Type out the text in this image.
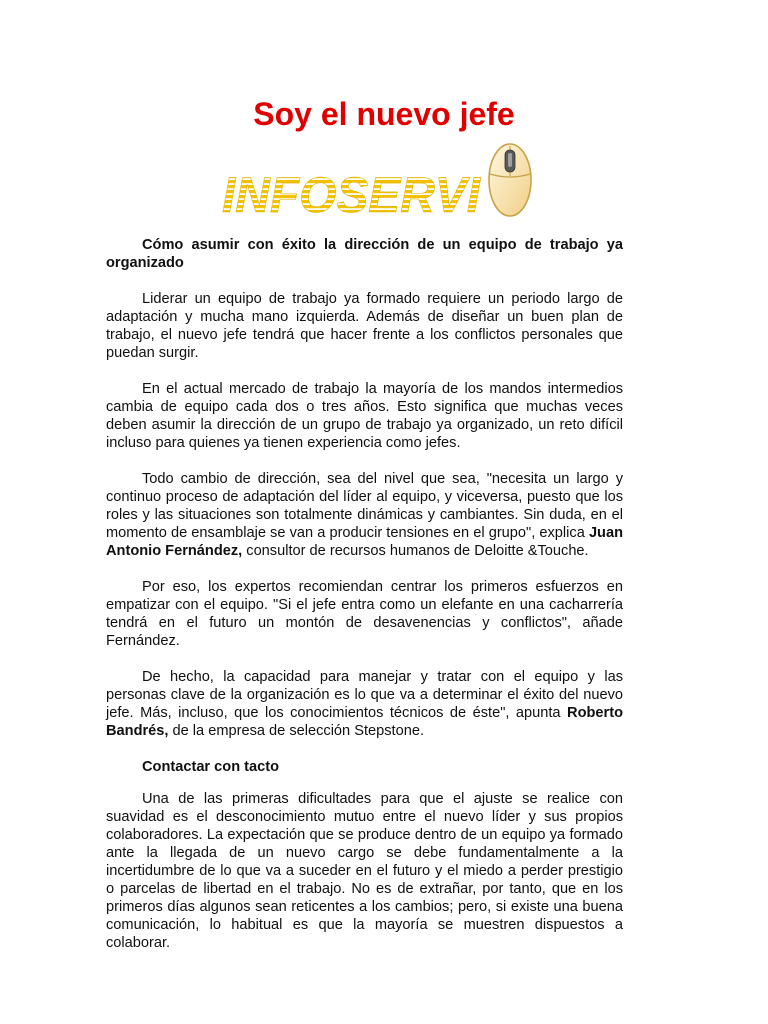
Soy el nuevo jefe
INFOSERVI

Cómo asumir con éxito la dirección de un equipo de trabajo ya organizado

Liderar un equipo de trabajo ya formado requiere un periodo largo de adaptación y mucha mano izquierda. Además de diseñar un buen plan de trabajo, el nuevo jefe tendrá que hacer frente a los conflictos personales que puedan surgir.

En el actual mercado de trabajo la mayoría de los mandos intermedios cambia de equipo cada dos o tres años. Esto significa que muchas veces deben asumir la dirección de un grupo de trabajo ya organizado, un reto difícil incluso para quienes ya tienen experiencia como jefes.

Todo cambio de dirección, sea del nivel que sea, "necesita un largo y continuo proceso de adaptación del líder al equipo, y viceversa, puesto que los roles y las situaciones son totalmente dinámicas y cambiantes. Sin duda, en el momento de ensamblaje se van a producir tensiones en el grupo", explica Juan Antonio Fernández, consultor de recursos humanos de Deloitte &Touche.

Por eso, los expertos recomiendan centrar los primeros esfuerzos en empatizar con el equipo. "Si el jefe entra como un elefante en una cacharrería tendrá en el futuro un montón de desavenencias y conflictos", añade Fernández.

De hecho, la capacidad para manejar y tratar con el equipo y las personas clave de la organización es lo que va a determinar el éxito del nuevo jefe. Más, incluso, que los conocimientos técnicos de éste", apunta Roberto Bandrés, de la empresa de selección Stepstone.

Contactar con tacto

Una de las primeras dificultades para que el ajuste se realice con suavidad es el desconocimiento mutuo entre el nuevo líder y sus propios colaboradores. La expectación que se produce dentro de un equipo ya formado ante la llegada de un nuevo cargo se debe fundamentalmente a la incertidumbre de lo que va a suceder en el futuro y el miedo a perder prestigio o parcelas de libertad en el trabajo. No es de extrañar, por tanto, que en los primeros días algunos sean reticentes a los cambios; pero, si existe una buena comunicación, lo habitual es que la mayoría se muestren dispuestos a colaborar.
